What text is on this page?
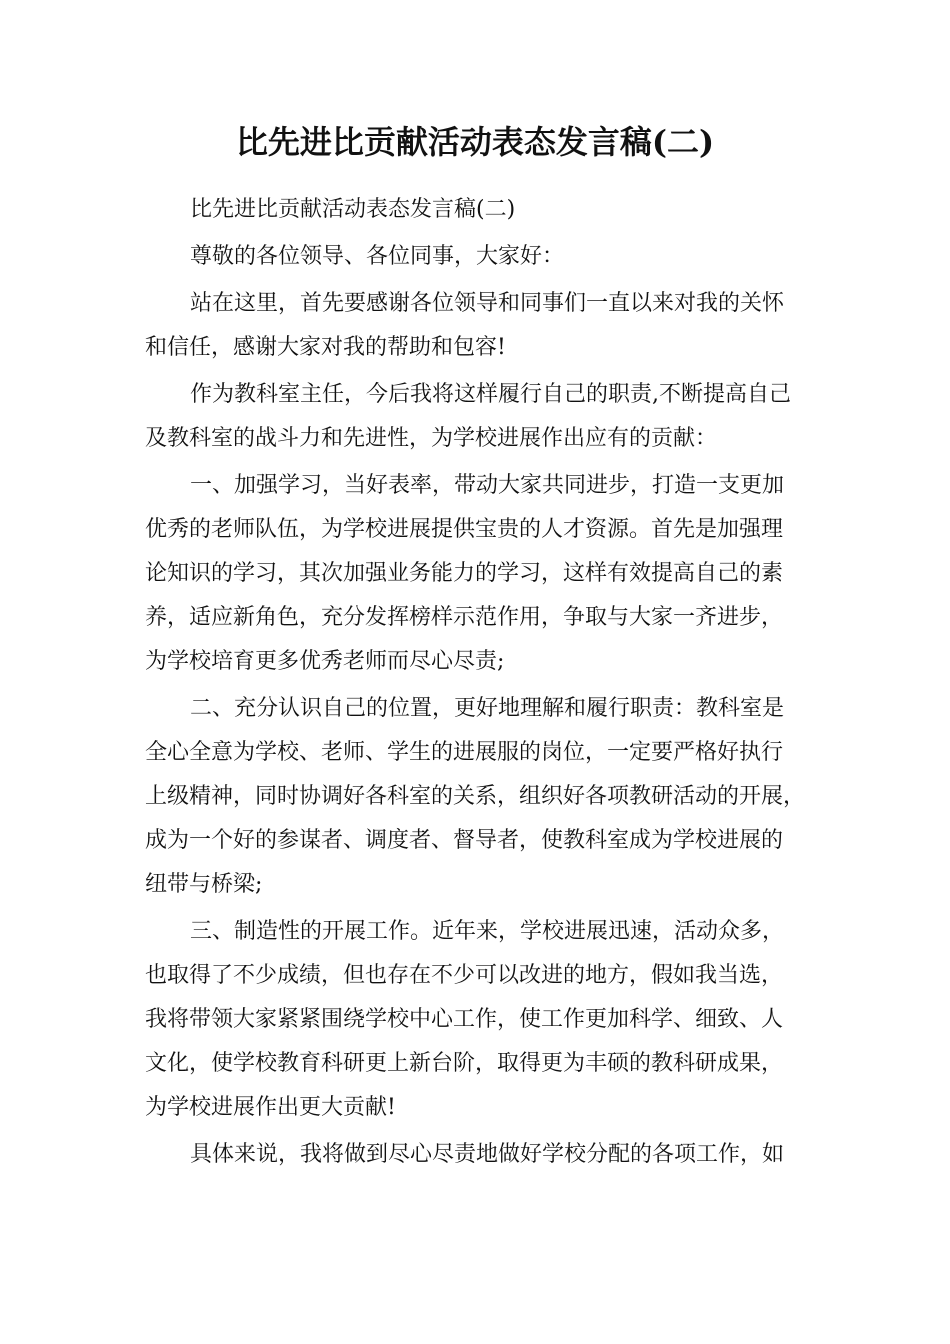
比先进比贡献活动表态发言稿(二)

比先进比贡献活动表态发言稿(二)

尊敬的各位领导、各位同事，大家好：

站在这里，首先要感谢各位领导和同事们一直以来对我的关怀

和信任，感谢大家对我的帮助和包容!

作为教科室主任，今后我将这样履行自己的职责,不断提高自己

及教科室的战斗力和先进性，为学校进展作出应有的贡献：

一、加强学习，当好表率，带动大家共同进步，打造一支更加

优秀的老师队伍，为学校进展提供宝贵的人才资源。首先是加强理

论知识的学习，其次加强业务能力的学习，这样有效提高自己的素

养，适应新角色，充分发挥榜样示范作用，争取与大家一齐进步，

为学校培育更多优秀老师而尽心尽责;

二、充分认识自己的位置，更好地理解和履行职责：教科室是

全心全意为学校、老师、学生的进展服的岗位，一定要严格好执行

上级精神，同时协调好各科室的关系，组织好各项教研活动的开展，

成为一个好的参谋者、调度者、督导者，使教科室成为学校进展的

纽带与桥梁;

三、制造性的开展工作。近年来，学校进展迅速，活动众多，

也取得了不少成绩，但也存在不少可以改进的地方，假如我当选，

我将带领大家紧紧围绕学校中心工作，使工作更加科学、细致、人

文化，使学校教育科研更上新台阶，取得更为丰硕的教科研成果，

为学校进展作出更大贡献!

具体来说，我将做到尽心尽责地做好学校分配的各项工作，如
